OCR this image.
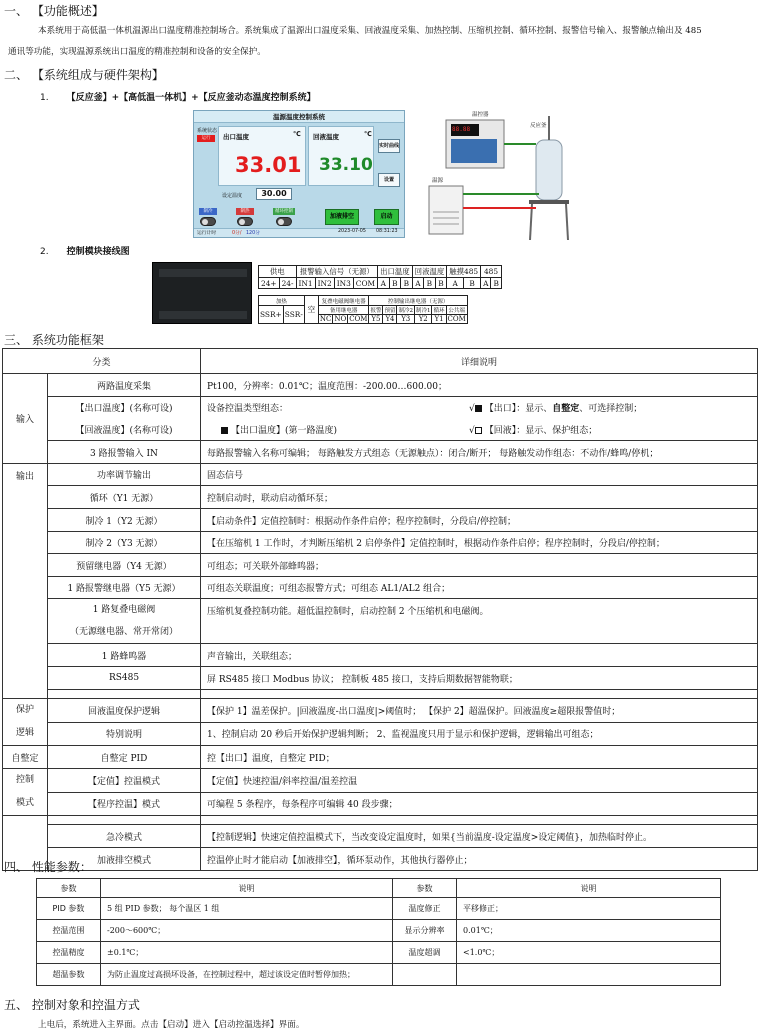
一、 【功能概述】
本系统用于高低温一体机温源出口温度精准控制场合。系统集成了温源出口温度采集、回液温度采集、加热控制、压缩机控制、循环控制、报警信号输入、报警触点输出及 485
通讯等功能，实现温源系统出口温度的精准控制和设备的安全保护。
二、 【系统组成与硬件架构】
1. 【反应釜】+【高低温一体机】+【反应釜动态温度控制系统】
温源温度控制系统
系统状态
运行	出口温度	℃
33.01
回液温度	℃
33.10
实时曲线
设置
设定温度	30.00
制冷	制热	循环控制
加液排空	启动
运行计时	0分/ 120分	2023-07-05 08:31:23
温控器
88.88	反应釜
温源
2. 控制模块接线图
供电		报警输入信号（无源）				出口温度			回液温度			触摸485		485	
24+	24-	IN1	IN2	IN3	COM	A	B	B	A	B	B	A	B	A	B
加热		空	复叠电磁阀继电器			控制输出继电器（无源）					
SSR+	SSR-		备用继电器			报警	预留	制冷2	制冷1	循环	公共端
			NC	NO	COM	Y5	Y4	Y3	Y2	Y1	COM
三、 系统功能框架
分类		详细说明
输入	两路温度采集	Pt100，分辨率：0.01℃；温度范围：-200.00…600.00；
	【出口温度】(名称可设)	设备控温类型组态： √ 【出口】：显示、自整定、可选择控制；

	【回液温度】(名称可设)	【出口温度】(第一路温度) √ 【回液】：显示、保护组态；

	3 路报警输入 IN	每路报警输入名称可编辑； 每路触发方式组态（无源触点）：闭合/断开； 每路触发动作组态：不动作/蜂鸣/停机；
输出	功率调节输出	固态信号
	循环（Y1 无源）	控制启动时，联动启动循环泵；
	制冷 1（Y2 无源）	【启动条件】定值控制时：根据动作条件启停；程序控制时，分段启/停控制；
	制冷 2（Y3 无源）	【在压缩机 1 工作时，才判断压缩机 2 启停条件】定值控制时，根据动作条件启停；程序控制时，分段启/停控制；
	预留继电器（Y4 无源）	可组态；可关联外部蜂鸣器；
	1 路报警继电器（Y5 无源）	可组态关联温度；可组态报警方式；可组态 AL1/AL2 组合；

	1 路复叠电磁阀
（无源继电器、常开常闭）	压缩机复叠控制功能。超低温控制时，启动控制 2 个压缩机和电磁阀。
	1 路蜂鸣器	声音输出，关联组态；
	RS485	屏 RS485 接口 Modbus 协议； 控制板 485 接口，支持后期数据智能物联；

保护
逻辑	回液温度保护逻辑	【保护 1】温差保护。|回液温度-出口温度|>阈值时； 【保护 2】超温保护。回液温度≥超限报警值时；
	特别说明	1、控制启动 20 秒后开始保护逻辑判断； 2、监视温度只用于显示和保护逻辑，逻辑输出可组态；
自整定	自整定 PID	控【出口】温度，自整定 PID；

控制
模式	【定值】控温模式	【定值】快速控温/斜率控温/温差控温
	【程序控温】模式	可编程 5 条程序，每条程序可编辑 40 段步骤；

	急冷模式	【控制逻辑】快速定值控温模式下，当改变设定温度时，如果{当前温度-设定温度>设定阈值}，加热临时停止。
	加液排空模式	控温停止时才能启动【加液排空】，循环泵动作，其他执行器停止；
四、 性能参数：
参数	说明	参数	说明
PID 参数	5 组 PID 参数； 每个温区 1 组	温度修正	平移修正；
控温范围	-200～600℃；	显示分辨率	0.01℃；
控温精度	±0.1℃；	温度超调	<1.0℃；
超温参数	为防止温度过高损坏设备，在控制过程中，超过该设定值时暂停加热；		
五、 控制对象和控温方式
上电后，系统进入主界面。点击【启动】进入【启动控温选择】界面。
